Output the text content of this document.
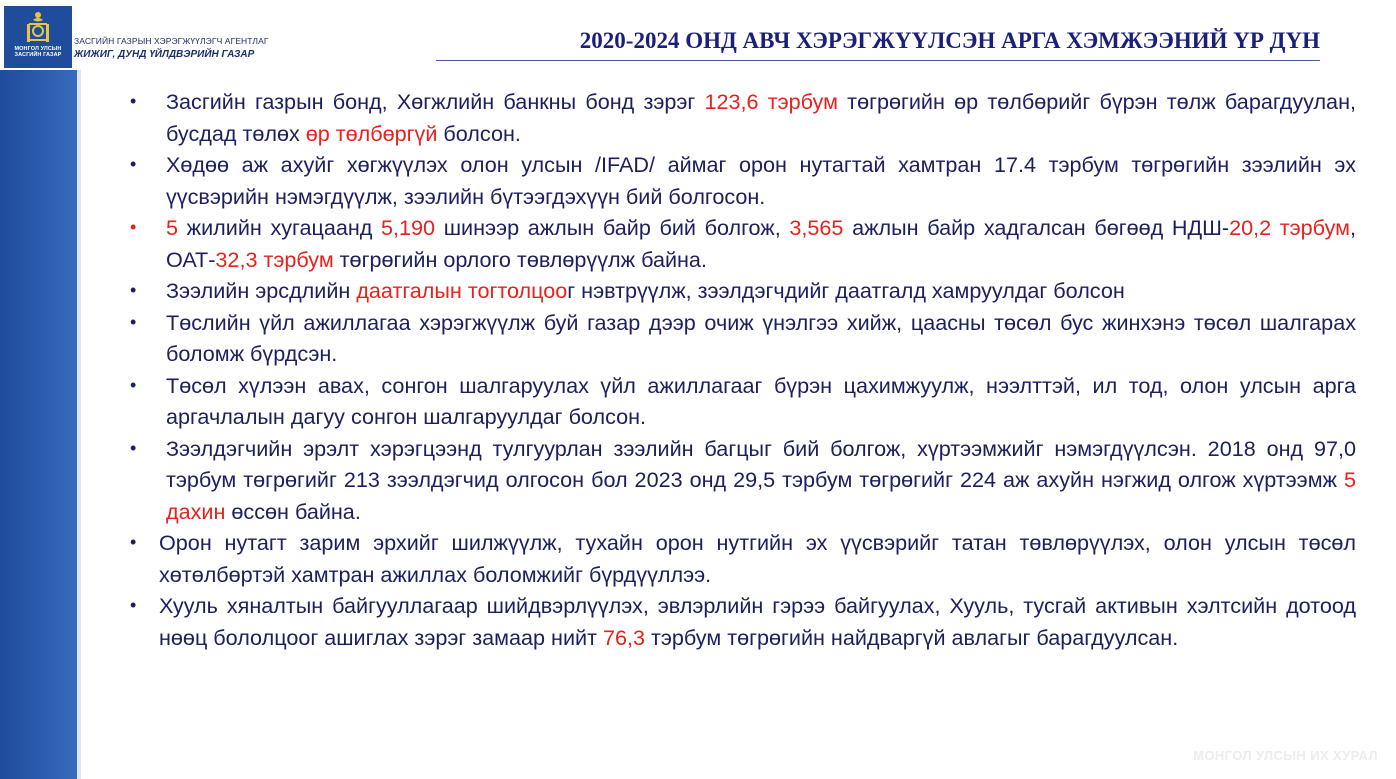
МОНГОЛ УЛСЫН
ЗАСГИЙН ГАЗАР
ЗАСГИЙН ГАЗРЫН ХЭРЭГЖҮҮЛЭГЧ АГЕНТЛАГ
ЖИЖИГ, ДУНД ҮЙЛДВЭРИЙН ГАЗАР
2020-2024 ОНД АВЧ ХЭРЭГЖҮҮЛСЭН АРГА ХЭМЖЭЭНИЙ ҮР ДҮН
• Засгийн газрын бонд, Хөгжлийн банкны бонд зэрэг 123,6 тэрбум төгрөгийн өр төлбөрийг бүрэн төлж барагдуулан, бусдад төлөх өр төлбөргүй болсон.
• Хөдөө аж ахуйг хөгжүүлэх олон улсын /IFAD/ аймаг орон нутагтай хамтран 17.4 тэрбум төгрөгийн зээлийн эх үүсвэрийн нэмэгдүүлж, зээлийн бүтээгдэхүүн бий болгосон.
• 5 жилийн хугацаанд 5,190 шинээр ажлын байр бий болгож, 3,565 ажлын байр хадгалсан бөгөөд НДШ-20,2 тэрбум, ОАТ-32,3 тэрбум төгрөгийн орлого төвлөрүүлж байна.
• Зээлийн эрсдлийн даатгалын тогтолцоог нэвтрүүлж, зээлдэгчдийг даатгалд хамруулдаг болсон
• Төслийн үйл ажиллагаа хэрэгжүүлж буй газар дээр очиж үнэлгээ хийж, цаасны төсөл бус жинхэнэ төсөл шалгарах боломж бүрдсэн.
• Төсөл хүлээн авах, сонгон шалгаруулах үйл ажиллагааг бүрэн цахимжуулж, нээлттэй, ил тод, олон улсын арга аргачлалын дагуу сонгон шалгаруулдаг болсон.
• Зээлдэгчийн эрэлт хэрэгцээнд тулгуурлан зээлийн багцыг бий болгож, хүртээмжийг нэмэгдүүлсэн. 2018 онд 97,0 тэрбум төгрөгийг 213 зээлдэгчид олгосон бол 2023 онд 29,5 тэрбум төгрөгийг 224 аж ахуйн нэгжид олгож хүртээмж 5 дахин өссөн байна.
• Орон нутагт зарим эрхийг шилжүүлж, тухайн орон нутгийн эх үүсвэрийг татан төвлөрүүлэх, олон улсын төсөл хөтөлбөртэй хамтран ажиллах боломжийг бүрдүүллээ.
• Хууль хяналтын байгууллагаар шийдвэрлүүлэх, эвлэрлийн гэрээ байгуулах, Хууль, тусгай активын хэлтсийн дотоод нөөц бололцоог ашиглах зэрэг замаар нийт 76,3 тэрбум төгрөгийн найдваргүй авлагыг барагдуулсан.
МОНГОЛ УЛСЫН ИХ ХУРАЛ
